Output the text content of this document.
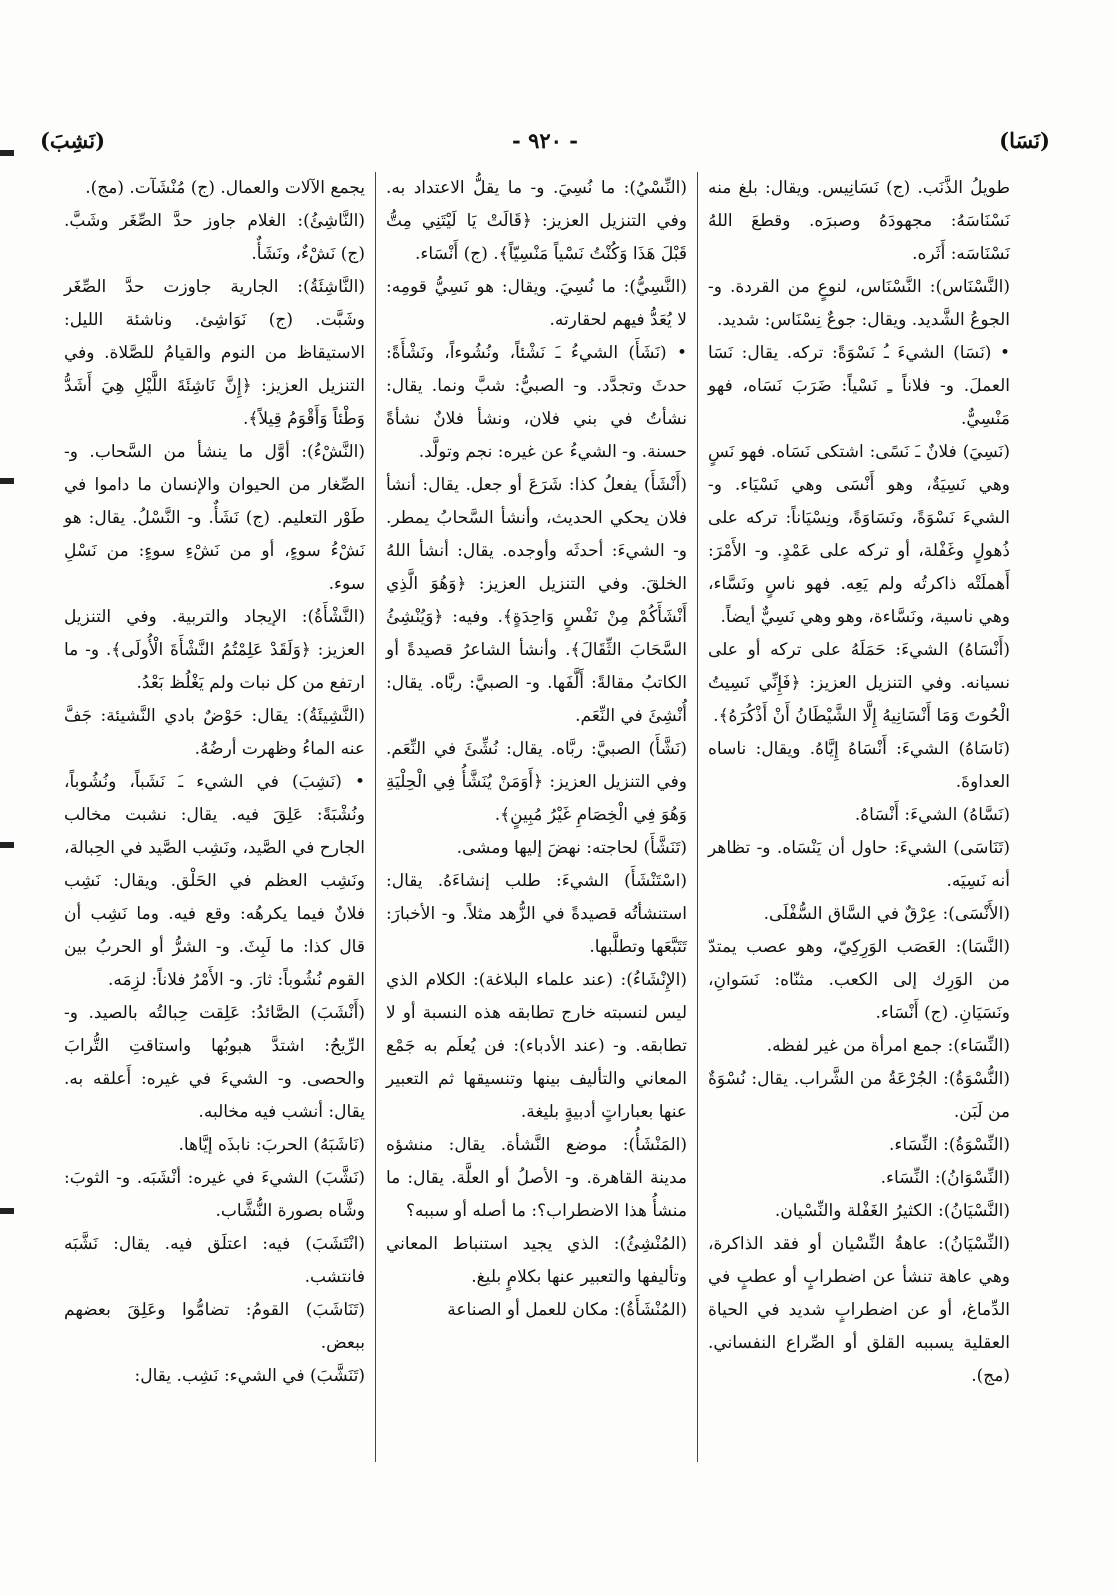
(نَسَا)
- ٩٢٠ -
(نَشِبَ)

طويلُ الذَّنَب. (ج) نَسَانِيس. ويقال: بلغ منه نَسْنَاسَهُ: مجهودَهُ وصبرَه. وقطعَ اللهُ نَسْنَاسَه: أَثَره.

(النَّسْنَاس): النَّسْنَاس، لنوعٍ من القردة. و- الجوعُ الشَّديد. ويقال: جوعٌ نِسْنَاس: شديد.

• (نَسَا) الشيءَ ـُ نَسْوَةً: تركه. يقال: نَسَا العملَ. و- فلاناً ـِ نَسْياً: ضَرَبَ نَسَاه، فهو مَنْسِيٌّ.

(نَسِيَ) فلانٌ ـَ نَسًى: اشتكى نَسَاه. فهو نَسٍ وهي نَسِيَةٌ، وهو أَنْسَى وهي نَسْيَاء. و- الشيءَ نَسْوَةً، ونَسَاوَةً، ونِسْيَاناً: تركه على ذُهولٍ وغَفْلة، أو تركه على عَمْدٍ. و- الأَمْرَ: أَهملَتْه ذاكرتُه ولم يَعِه. فهو ناسٍ ونَسَّاء، وهي ناسية، ونَسَّاءة، وهو وهي نَسِيٌّ أيضاً.

(أَنْسَاهُ) الشيءَ: حَمَلَهُ على تركه أو على نسيانه. وفي التنزيل العزيز: ﴿فَإِنِّي نَسِيتُ الْحُوتَ وَمَا أَنْسَانِيهُ إِلَّا الشَّيْطَانُ أَنْ أَذْكُرَهُ﴾.

(نَاسَاهُ) الشيءَ: أَنْسَاهُ إِيَّاهُ. ويقال: ناساه العداوةَ.

(نَسَّاهُ) الشيءَ: أَنْسَاهُ.

(تَنَاسَى) الشيءَ: حاول أن يَنْسَاه. و- تظاهر أنه نَسِيَه.

(الأَنْسَى): عِرْقٌ في السَّاق السُّفْلَى.

(النَّسَا): العَصَب الوَرِكِيّ، وهو عصب يمتدّ من الوَرِك إلى الكعب. مثنّاه: نَسَوانِ، ونَسَيَانِ. (ج) أَنْسَاء.

(النِّسَاء): جمع امرأة من غير لفظه.

(النُّسْوَةُ): الجُرْعَةُ من الشَّراب. يقال: نُسْوَةٌ من لَبَن.

(النِّسْوَةُ): النِّسَاء.

(النِّسْوَانُ): النِّسَاء.

(النَّسْيَانُ): الكثيرُ الغَفْلة والنِّسْيان.

(النِّسْيَانُ): عاهةُ النِّسْيان أو فقد الذاكرة، وهي عاهة تنشأ عن اضطرابٍ أو عطبٍ في الدِّماغ، أو عن اضطرابٍ شديد في الحياة العقلية يسببه القلق أو الصِّراع النفساني. (مج).

(النِّسْيُ): ما نُسِيَ. و- ما يقلُّ الاعتداد به. وفي التنزيل العزيز: ﴿قَالَتْ يَا لَيْتَنِي مِتُّ قَبْلَ هَذَا وَكُنْتُ نَسْياً مَنْسِيّاً﴾. (ج) أَنْسَاء.

(النَّسِيُّ): ما نُسِيَ. ويقال: هو نَسِيُّ قومِه: لا يُعَدُّ فيهم لحقارته.

• (نَشَأَ) الشيءُ ـَ نَشْئاً، ونُشُوءاً، ونَشْأَةً: حدثَ وتجدَّد. و- الصبيُّ: شبَّ ونما. يقال: نشأتُ في بني فلان، ونشأ فلانٌ نشأةً حسنة. و- الشيءُ عن غيره: نجم وتولَّد.

(أَنْشَأَ) يفعلُ كذا: شَرَعَ أو جعل. يقال: أنشأ فلان يحكي الحديث، وأنشأ السَّحابُ يمطر. و- الشيءَ: أحدثَه وأوجده. يقال: أنشأ اللهُ الخلقَ. وفي التنزيل العزيز: ﴿وَهُوَ الَّذِي أَنْشَأَكُمْ مِنْ نَفْسٍ وَاحِدَةٍ﴾. وفيه: ﴿وَيُنْشِئُ السَّحَابَ الثِّقَالَ﴾. وأنشأ الشاعرُ قصيدةً أو الكاتبُ مقالةً: أَلَّفَها. و- الصبيَّ: ربَّاه. يقال: أُنْشِئَ في النِّعَم.

(نَشَّأَ) الصبيَّ: ربَّاه. يقال: نُشِّئَ في النِّعَم. وفي التنزيل العزيز: ﴿أَوَمَنْ يُنَشَّأُ فِي الْحِلْيَةِ وَهُوَ فِي الْخِصَامِ غَيْرُ مُبِينٍ﴾.

(تَنَشَّأَ) لحاجته: نهضَ إليها ومشى.

(اسْتَنْشَأَ) الشيءَ: طلب إنشاءَهُ. يقال: استنشأتُه قصيدةً في الزُّهد مثلاً. و- الأخبارَ: تَتَبَّعَها وتطلَّبها.

(الإِنْشَاءُ): (عند علماء البلاغة): الكلام الذي ليس لنسبته خارج تطابقه هذه النسبة أو لا تطابقه. و- (عند الأدباء): فن يُعلَم به جَمْع المعاني والتأليف بينها وتنسيقها ثم التعبير عنها بعباراتٍ أدبيةٍ بليغة.

(المَنْشَأُ): موضع النَّشأة. يقال: منشؤه مدينة القاهرة. و- الأصلُ أو العلَّة. يقال: ما منشأُ هذا الاضطراب؟: ما أصله أو سببه؟

(المُنْشِئُ): الذي يجيد استنباط المعاني وتأليفها والتعبير عنها بكلامٍ بليغ.

(المُنْشَأَةُ): مكان للعمل أو الصناعة

يجمع الآلات والعمال. (ج) مُنْشَآت. (مج).

(النَّاشِئُ): الغلام جاوز حدَّ الصِّغَر وشَبَّ. (ج) نَشْءٌ، ونَشَأٌ.

(النَّاشِئَةُ): الجارية جاوزت حدَّ الصِّغَر وشَبَّت. (ج) نَوَاشِئ. وناشئة الليل: الاستيقاظ من النوم والقيامُ للصَّلاة. وفي التنزيل العزيز: ﴿إِنَّ نَاشِئَةَ اللَّيْلِ هِيَ أَشَدُّ وَطْئاً وَأَقْوَمُ قِيلاً﴾.

(النَّشْءُ): أوَّل ما ينشأ من السَّحاب. و- الصِّغار من الحيوان والإنسان ما داموا في طَوْر التعليم. (ج) نَشَأٌ. و- النَّسْلُ. يقال: هو نَشْءُ سوءٍ، أو من نَشْءِ سوءٍ: من نَسْلِ سوء.

(النَّشْأَةُ): الإيجاد والتربية. وفي التنزيل العزيز: ﴿وَلَقَدْ عَلِمْتُمُ النَّشْأَةَ الْأُولَى﴾. و- ما ارتفع من كل نبات ولم يَغْلُظ بَعْدُ.

(النَّشِيئَةُ): يقال: حَوْضٌ بادي النَّشيئة: جَفَّ عنه الماءُ وظهرت أرضُهُ.

• (نَشِبَ) في الشيء ـَ نَشَباً، ونُشُوباً، ونُشْبَةً: عَلِقَ فيه. يقال: نشبت مخالب الجارح في الصَّيد، ونَشِب الصَّيد في الحِبالة، ونَشِب العظم في الحَلْق. ويقال: نَشِب فلانٌ فيما يكرهُه: وقع فيه. وما نَشِب أن قال كذا: ما لَبِثَ. و- الشرُّ أو الحربُ بين القوم نُشُوباً: ثارَ. و- الأَمْرُ فلاناً: لزِمَه.

(أَنْشَبَ) الصَّائدُ: عَلِقت حِبالتُه بالصيد. و- الرِّيحُ: اشتدَّ هبوبُها واستاقتِ التُّرابَ والحصى. و- الشيءَ في غيره: أَعلقه به. يقال: أنشب فيه مخالبه.

(نَاشَبَهُ) الحربَ: نابذَه إيَّاها.

(نَشَّبَ) الشيءَ في غيره: أنْشَبَه. و- الثوبَ: وشَّاه بصورة النُّشَّاب.

(انْتَشَبَ) فيه: اعتلَق فيه. يقال: نَشَّبَه فانتشب.

(تَنَاشَبَ) القومُ: تضامُّوا وعَلِقَ بعضهم ببعض.

(تَنَشَّبَ) في الشيء: نَشِب. يقال:
